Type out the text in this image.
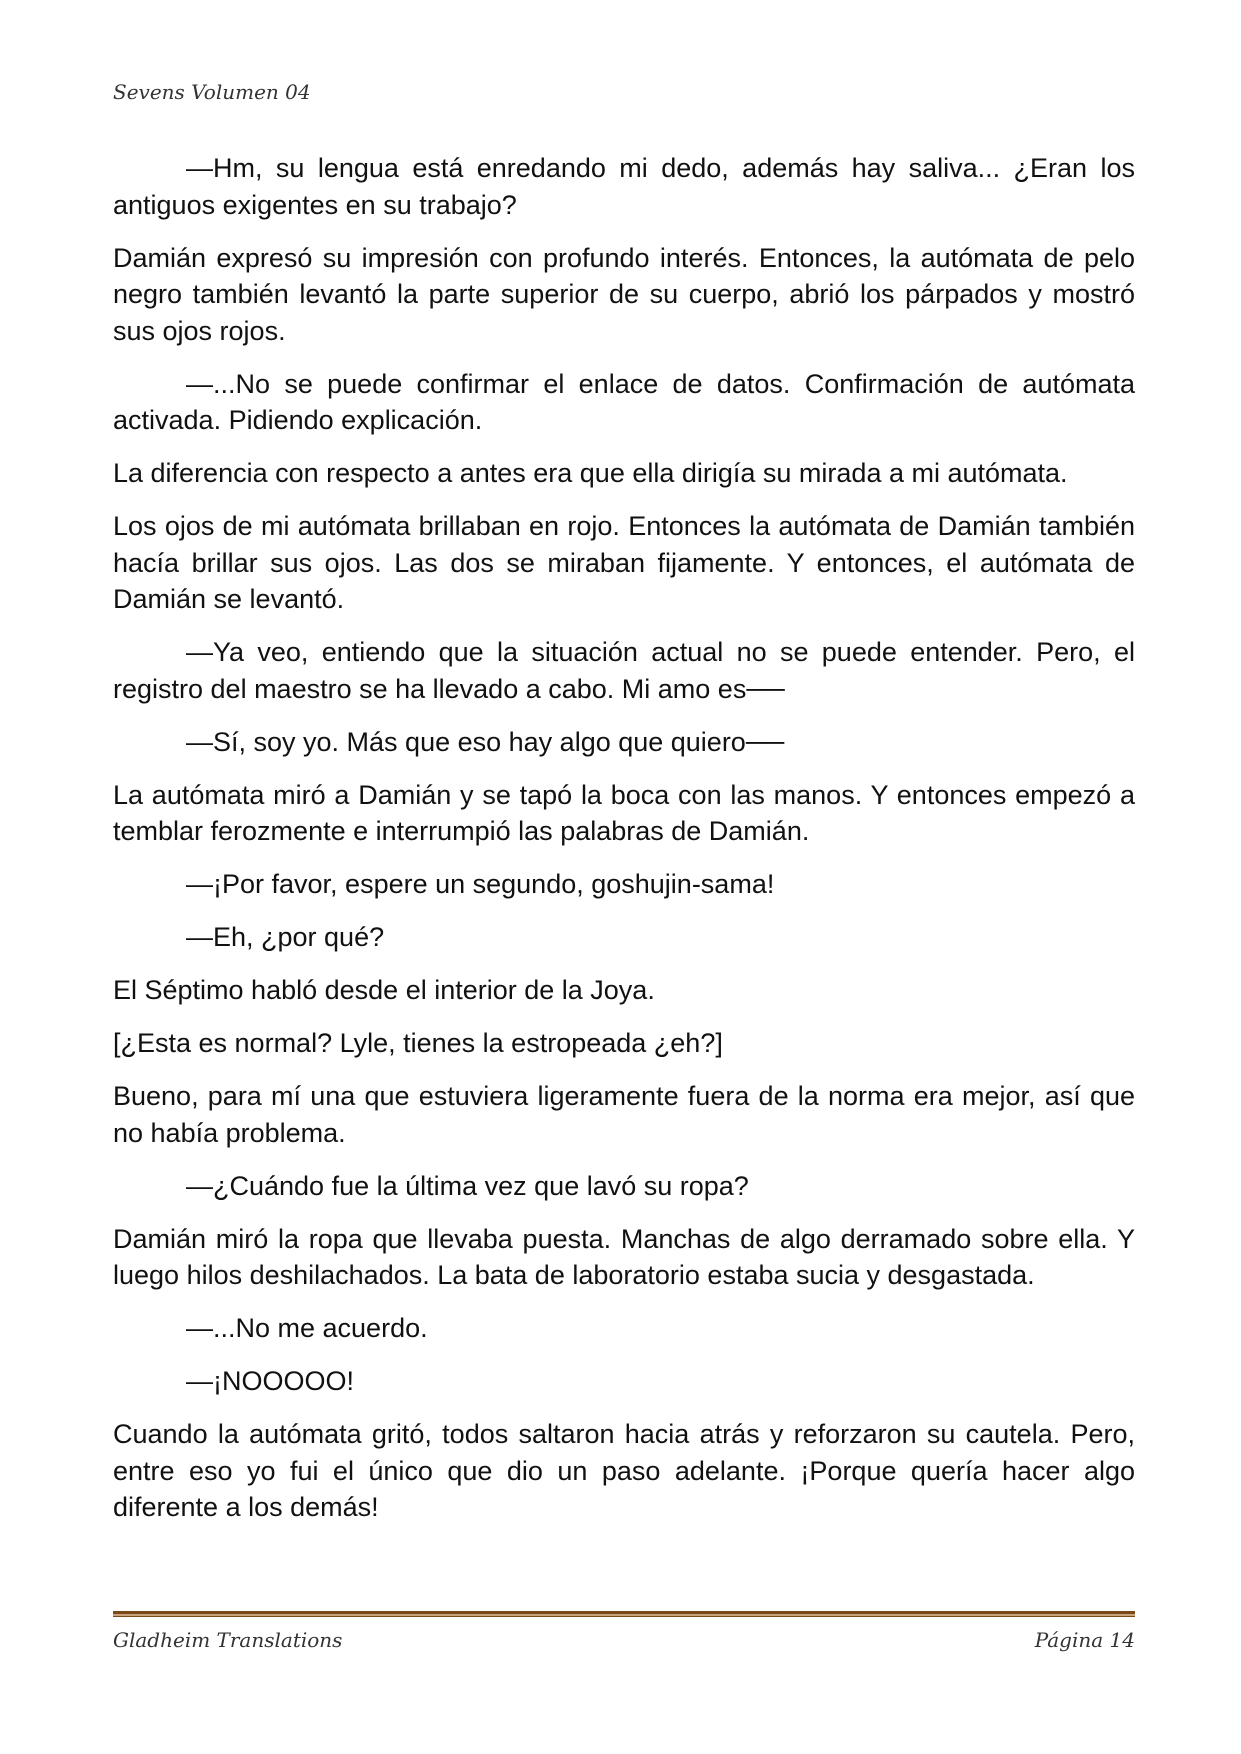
Sevens Volumen 04

—Hm, su lengua está enredando mi dedo, además hay saliva... ¿Eran los antiguos exigentes en su trabajo?

Damián expresó su impresión con profundo interés. Entonces, la autómata de pelo negro también levantó la parte superior de su cuerpo, abrió los párpados y mostró sus ojos rojos.

—...No se puede confirmar el enlace de datos. Confirmación de autómata activada. Pidiendo explicación.

La diferencia con respecto a antes era que ella dirigía su mirada a mi autómata.

Los ojos de mi autómata brillaban en rojo. Entonces la autómata de Damián también hacía brillar sus ojos. Las dos se miraban fijamente. Y entonces, el autómata de Damián se levantó.

—Ya veo, entiendo que la situación actual no se puede entender. Pero, el registro del maestro se ha llevado a cabo. Mi amo es──

—Sí, soy yo. Más que eso hay algo que quiero──

La autómata miró a Damián y se tapó la boca con las manos. Y entonces empezó a temblar ferozmente e interrumpió las palabras de Damián.

—¡Por favor, espere un segundo, goshujin-sama!

—Eh, ¿por qué?

El Séptimo habló desde el interior de la Joya.

[¿Esta es normal? Lyle, tienes la estropeada ¿eh?]

Bueno, para mí una que estuviera ligeramente fuera de la norma era mejor, así que no había problema.

—¿Cuándo fue la última vez que lavó su ropa?

Damián miró la ropa que llevaba puesta. Manchas de algo derramado sobre ella. Y luego hilos deshilachados. La bata de laboratorio estaba sucia y desgastada.

—...No me acuerdo.

—¡NOOOOO!

Cuando la autómata gritó, todos saltaron hacia atrás y reforzaron su cautela. Pero, entre eso yo fui el único que dio un paso adelante. ¡Porque quería hacer algo diferente a los demás!

Gladheim Translations	Página 14
